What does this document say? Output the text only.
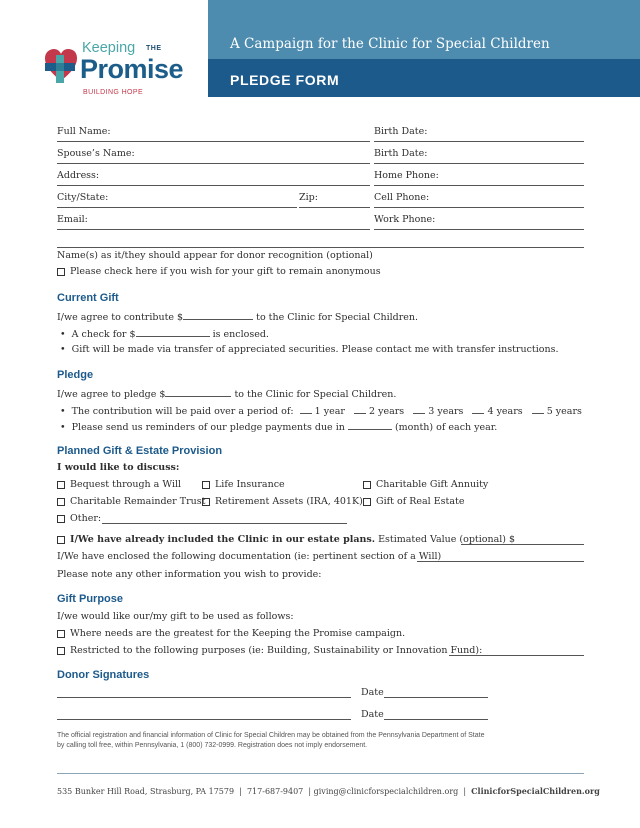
A Campaign for the Clinic for Special Children
PLEDGE FORM
Keeping THE
Promise
BUILDING HOPE
Full Name:	Birth Date:
Spouse’s Name:	Birth Date:
Address:	Home Phone:
City/State:	Zip:	Cell Phone:
Email:	Work Phone:
Name(s) as it/they should appear for donor recognition (optional)
Please check here if you wish for your gift to remain anonymous
Current Gift
I/we agree to contribute $	to the Clinic for Special Children.
•  A check for $	is enclosed.
•  Gift will be made via transfer of appreciated securities. Please contact me with transfer instructions.
Pledge
I/we agree to pledge $	to the Clinic for Special Children.
•  The contribution will be paid over a period of: 1 year	2 years	3 years	4 years	5 years
•  Please send us reminders of our pledge payments due in	(month) of each year.
Planned Gift & Estate Provision
I would like to discuss:
Bequest through a Will	Life Insurance	Charitable Gift Annuity
Charitable Remainder Trust Retirement Assets (IRA, 401K) Gift of Real Estate
Other:
I/We have already included the Clinic in our estate plans. Estimated Value (optional) $
I/We have enclosed the following documentation (ie: pertinent section of a Will)
Please note any other information you wish to provide:
Gift Purpose
I/we would like our/my gift to be used as follows:
Where needs are the greatest for the Keeping the Promise campaign.
Restricted to the following purposes (ie: Building, Sustainability or Innovation Fund):
Donor Signatures
Date
Date
The official registration and financial information of Clinic for Special Children may be obtained from the Pennsylvania Department of State
by calling toll free, within Pennsylvania, 1 (800) 732-0999. Registration does not imply endorsement.
535 Bunker Hill Road, Strasburg, PA 17579 | 717-687-9407 | giving@clinicforspecialchildren.org | ClinicforSpecialChildren.org
